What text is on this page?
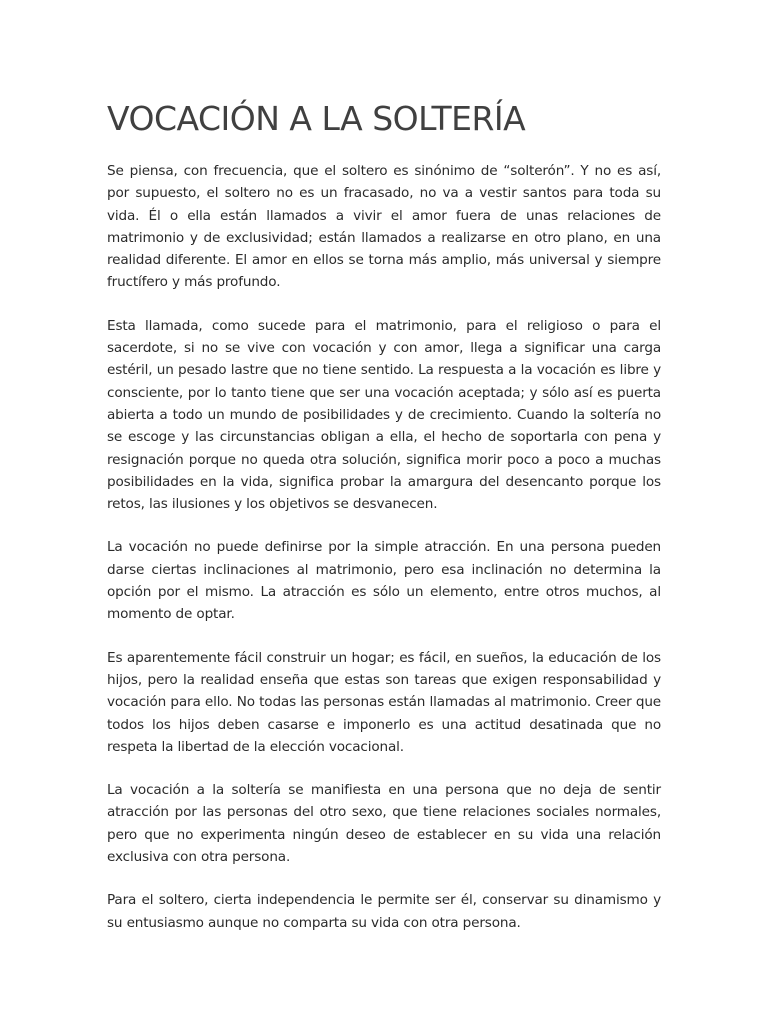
VOCACIÓN A LA SOLTERÍA

Se piensa, con frecuencia, que el soltero es sinónimo de “solterón”. Y no es así, por supuesto, el soltero no es un fracasado, no va a vestir santos para toda su vida. Él o ella están llamados a vivir el amor fuera de unas relaciones de matrimonio y de exclusividad; están llamados a realizarse en otro plano, en una realidad diferente. El amor en ellos se torna más amplio, más universal y siempre fructífero y más profundo.

Esta llamada, como sucede para el matrimonio, para el religioso o para el sacerdote, si no se vive con vocación y con amor, llega a significar una carga estéril, un pesado lastre que no tiene sentido. La respuesta a la vocación es libre y consciente, por lo tanto tiene que ser una vocación aceptada; y sólo así es puerta abierta a todo un mundo de posibilidades y de crecimiento. Cuando la soltería no se escoge y las circunstancias obligan a ella, el hecho de soportarla con pena y resignación porque no queda otra solución, significa morir poco a poco a muchas posibilidades en la vida, significa probar la amargura del desencanto porque los retos, las ilusiones y los objetivos se desvanecen.

La vocación no puede definirse por la simple atracción. En una persona pueden darse ciertas inclinaciones al matrimonio, pero esa inclinación no determina la opción por el mismo. La atracción es sólo un elemento, entre otros muchos, al momento de optar.

Es aparentemente fácil construir un hogar; es fácil, en sueños, la educación de los hijos, pero la realidad enseña que estas son tareas que exigen responsabilidad y vocación para ello. No todas las personas están llamadas al matrimonio. Creer que todos los hijos deben casarse e imponerlo es una actitud desatinada que no respeta la libertad de la elección vocacional.

La vocación a la soltería se manifiesta en una persona que no deja de sentir atracción por las personas del otro sexo, que tiene relaciones sociales normales, pero que no experimenta ningún deseo de establecer en su vida una relación exclusiva con otra persona.

Para el soltero, cierta independencia le permite ser él, conservar su dinamismo y su entusiasmo aunque no comparta su vida con otra persona.
